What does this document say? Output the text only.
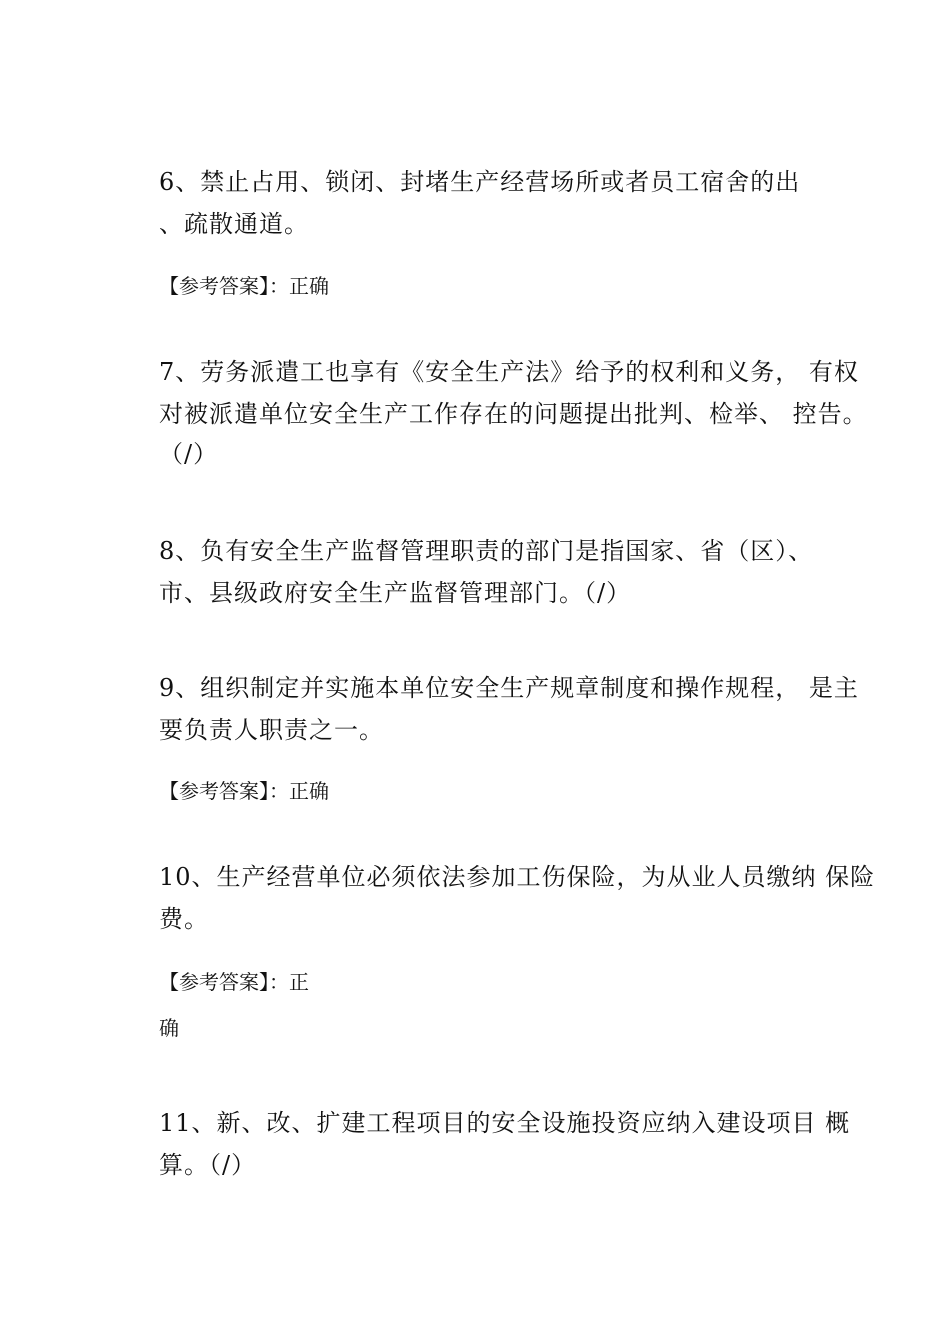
6、禁止占用、锁闭、封堵生产经营场所或者员工宿舍的出
、疏散通道。
【参考答案】：正确
7、劳务派遣工也享有《安全生产法》给予的权利和义务， 有权
对被派遣单位安全生产工作存在的问题提出批判、检举、 控告。
（/）
8、负有安全生产监督管理职责的部门是指国家、省（区）、
市、县级政府安全生产监督管理部门。（/）
9、组织制定并实施本单位安全生产规章制度和操作规程， 是主
要负责人职责之一。
【参考答案】：正确
10、生产经营单位必须依法参加工伤保险，为从业人员缴纳 保险
费。
【参考答案】：正
确
11、新、改、扩建工程项目的安全设施投资应纳入建设项目 概
算。（/）
